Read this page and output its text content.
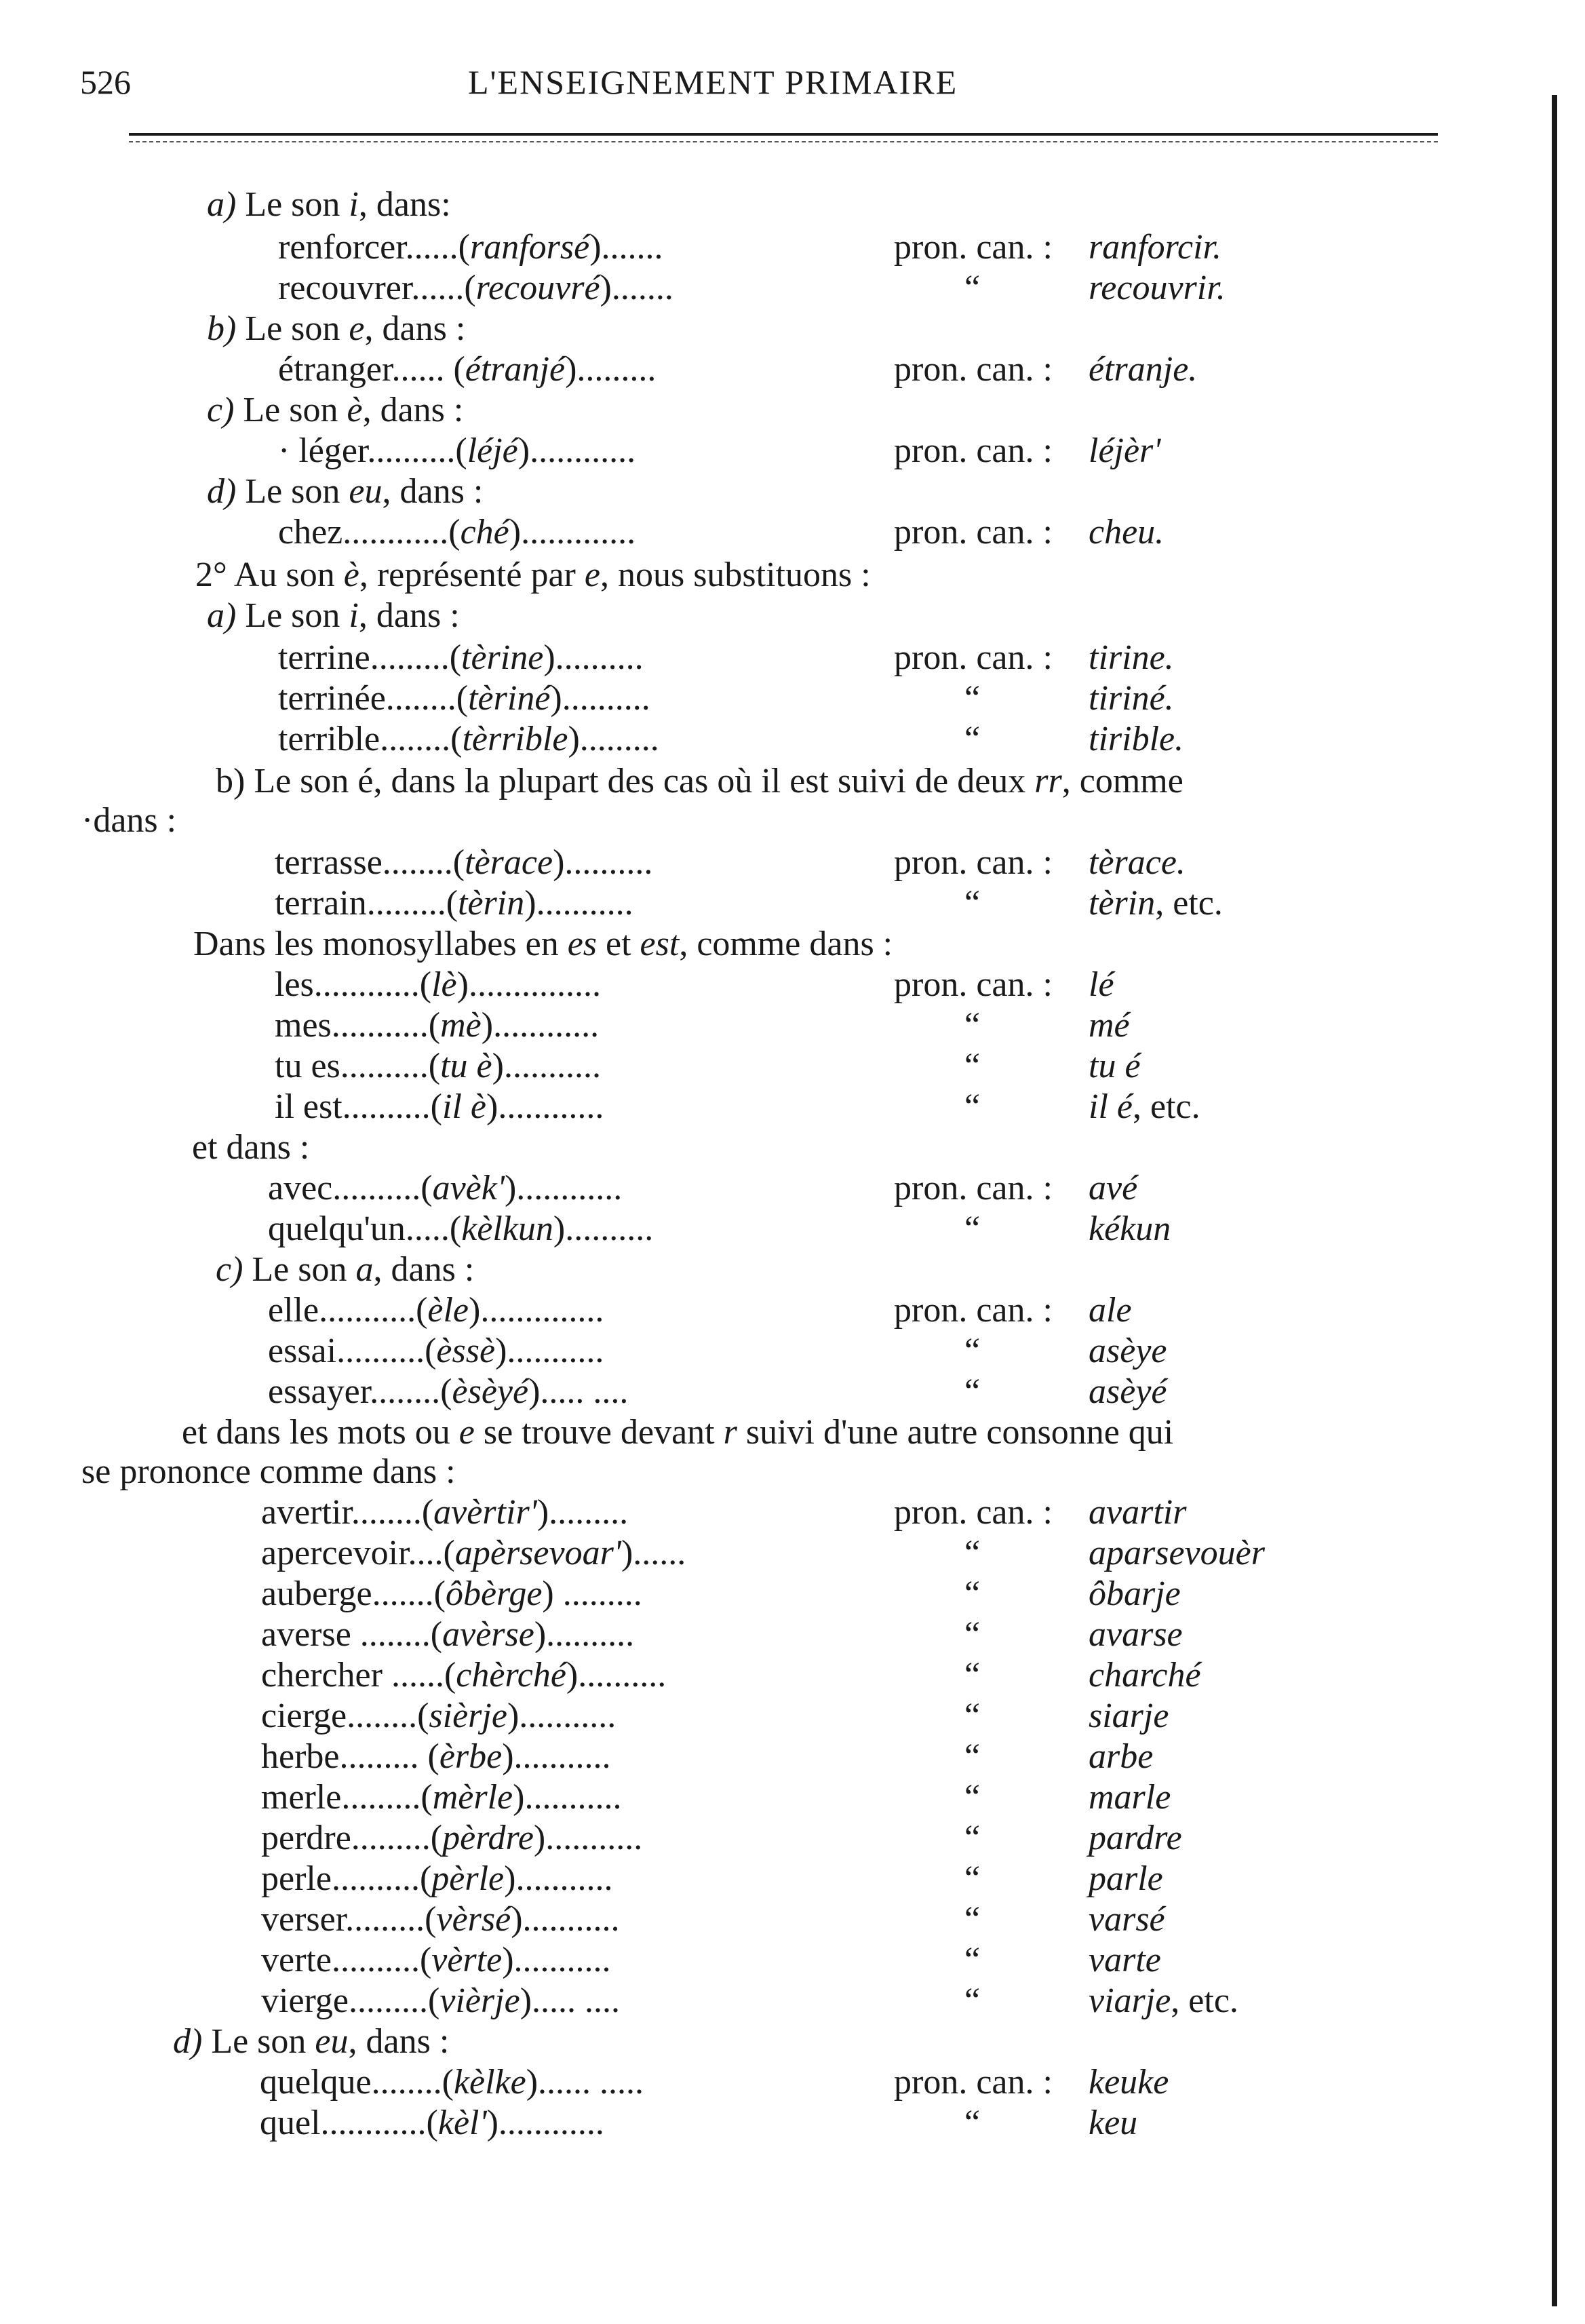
526	L'ENSEIGNEMENT PRIMAIRE
a) Le son i, dans:
renforcer......(ranforsé).......	pron. can. : ranforcir.
recouvrer......(recouvré).......	“	recouvrir.
b) Le son e, dans :
étranger...... (étranjé).........	pron. can. : étranje.
c) Le son è, dans :
· léger..........(léjé)............	pron. can. : léjèr'
d) Le son eu, dans :
chez............(ché).............	pron. can. : cheu.
2° Au son è, représenté par e, nous substituons :
a) Le son i, dans :
terrine.........(tèrine)..........	pron. can. : tirine.
terrinée........(tèriné)..........	“	tiriné.
terrible........(tèrrible).........	“	tirible.
b) Le son é, dans la plupart des cas où il est suivi de deux rr, comme
·dans :
terrasse........(tèrace)..........	pron. can. : tèrace.
terrain.........(tèrin)...........	“	tèrin, etc.
Dans les monosyllabes en es et est, comme dans :
les............(lè)...............	pron. can. : lé
mes...........(mè)............	“	mé
tu es..........(tu è)...........	“	tu é
il est..........(il è)............	“	il é, etc.
et dans :
avec..........(avèk')............	pron. can. : avé
quelqu'un.....(kèlkun)..........	“	kékun
c) Le son a, dans :
elle...........(èle)..............	pron. can. : ale
essai..........(èssè)...........	“	asèye
essayer........(èsèyé)..... ....	“	asèyé
et dans les mots ou e se trouve devant r suivi d'une autre consonne qui
se prononce comme dans :
avertir........(avèrtir').........	pron. can. : avartir
apercevoir....(apèrsevoar')......	“	aparsevouèr
auberge.......(ôbèrge) .........	“	ôbarje
averse ........(avèrse)..........	“	avarse
chercher ......(chèrché)..........	“	charché
cierge........(sièrje)...........	“	siarje
herbe......... (èrbe)...........	“	arbe
merle.........(mèrle)...........	“	marle
perdre.........(pèrdre)...........	“	pardre
perle..........(pèrle)...........	“	parle
verser.........(vèrsé)...........	“	varsé
verte..........(vèrte)...........	“	varte
vierge.........(vièrje)..... ....	“	viarje, etc.
d) Le son eu, dans :
quelque........(kèlke)...... .....	pron. can. : keuke
quel............(kèl')............	“	keu
